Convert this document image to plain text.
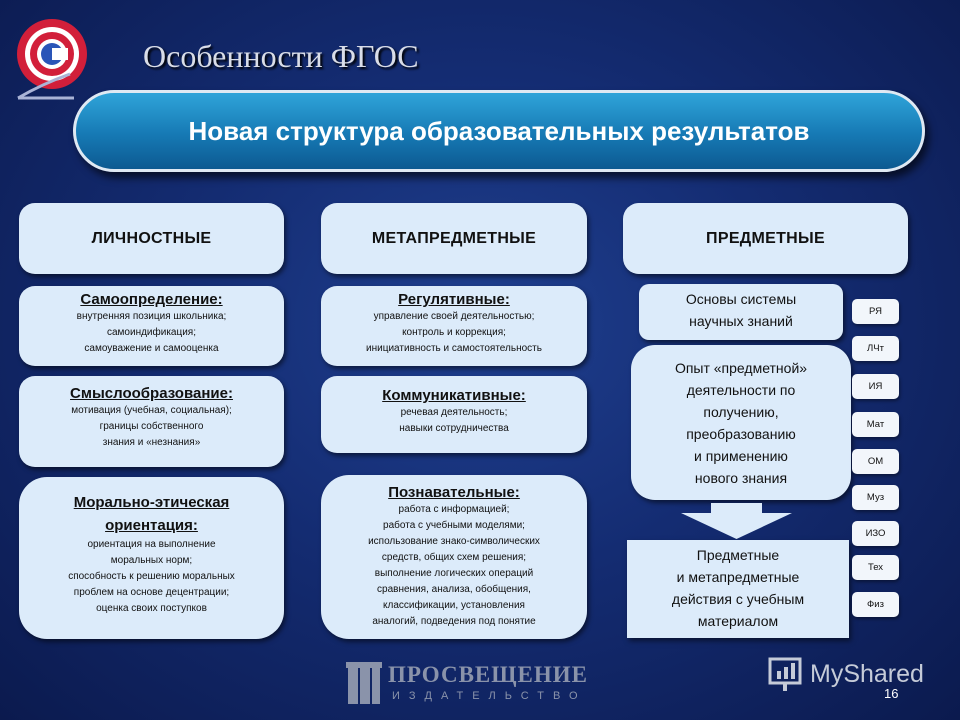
Особенности ФГОС
Новая структура образовательных результатов
ЛИЧНОСТНЫЕ
Самоопределение:
внутренняя позиция школьника;
самоиндификация;
самоуважение и самооценка
Смыслообразование:
мотивация (учебная, социальная);
границы собственного
знания и «незнания»
Морально-этическая
ориентация:
ориентация на выполнение
моральных норм;
способность к решению моральных
проблем на основе децентрации;
оценка своих поступков
МЕТАПРЕДМЕТНЫЕ
Регулятивные:
управление своей деятельностью;
контроль и коррекция;
инициативность и самостоятельность
Коммуникативные:
речевая деятельность;
навыки сотрудничества
Познавательные:
работа с информацией;
работа с учебными моделями;
использование знако-символических
средств, общих схем решения;
выполнение логических операций
сравнения, анализа, обобщения,
классификации, установления
аналогий, подведения под понятие
ПРЕДМЕТНЫЕ
Основы системы
научных знаний
Опыт «предметной»
деятельности по
получению,
преобразованию
и применению
нового знания
Предметные
и метапредметные
действия с учебным
материалом
РЯ
ЛЧт
ИЯ
Мат
ОМ
Муз
ИЗО
Тех
Физ
ПРОСВЕЩЕНИЕ
ИЗДАТЕЛЬСТВО
MyShared
16
